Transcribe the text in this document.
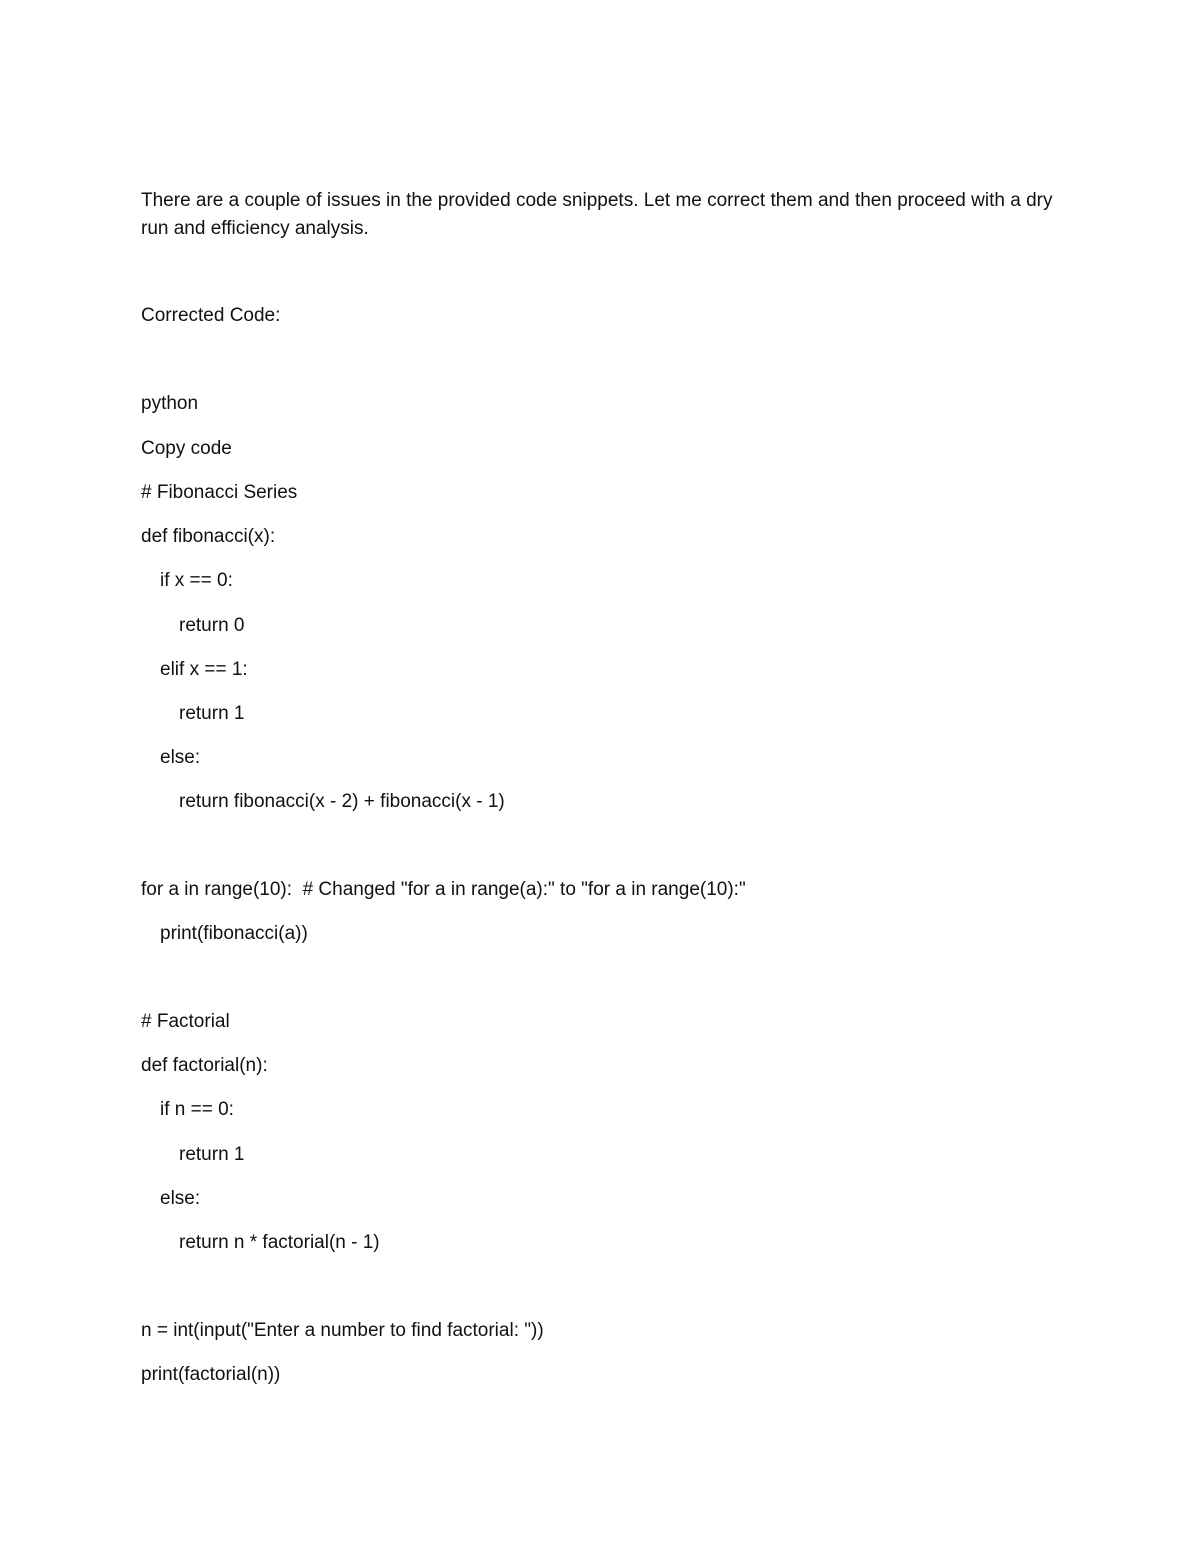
There are a couple of issues in the provided code snippets. Let me correct them and then proceed with a dry run and efficiency analysis.
Corrected Code:
python
Copy code
# Fibonacci Series
def fibonacci(x):
if x == 0:
return 0
elif x == 1:
return 1
else:
return fibonacci(x - 2) + fibonacci(x - 1)
for a in range(10):  # Changed "for a in range(a):" to "for a in range(10):"
print(fibonacci(a))
# Factorial
def factorial(n):
if n == 0:
return 1
else:
return n * factorial(n - 1)
n = int(input("Enter a number to find factorial: "))
print(factorial(n))
